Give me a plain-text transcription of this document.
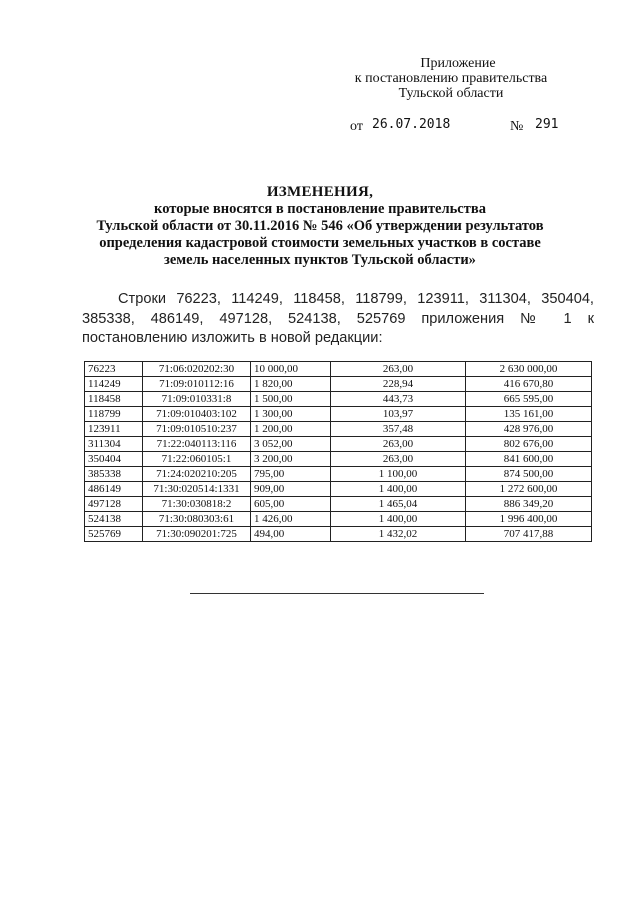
Приложение
к постановлению правительства
Тульской области
от 26.07.2018	№ 291
ИЗМЕНЕНИЯ,
которые вносятся в постановление правительства
Тульской области от 30.11.2016 № 546 «Об утверждении результатов
определения кадастровой стоимости земельных участков в составе
земель населенных пунктов Тульской области»
Строки 76223, 114249, 118458, 118799, 123911, 311304, 350404, 385338, 486149, 497128, 524138, 525769 приложения № 1 к постановлению изложить в новой редакции:
76223	71:06:020202:30	10 000,00	263,00	2 630 000,00
114249	71:09:010112:16	1 820,00	228,94	416 670,80
118458	71:09:010331:8	1 500,00	443,73	665 595,00
118799	71:09:010403:102	1 300,00	103,97	135 161,00
123911	71:09:010510:237	1 200,00	357,48	428 976,00
311304	71:22:040113:116	3 052,00	263,00	802 676,00
350404	71:22:060105:1	3 200,00	263,00	841 600,00
385338	71:24:020210:205	795,00	1 100,00	874 500,00
486149	71:30:020514:1331	909,00	1 400,00	1 272 600,00
497128	71:30:030818:2	605,00	1 465,04	886 349,20
524138	71:30:080303:61	1 426,00	1 400,00	1 996 400,00
525769	71:30:090201:725	494,00	1 432,02	707 417,88
